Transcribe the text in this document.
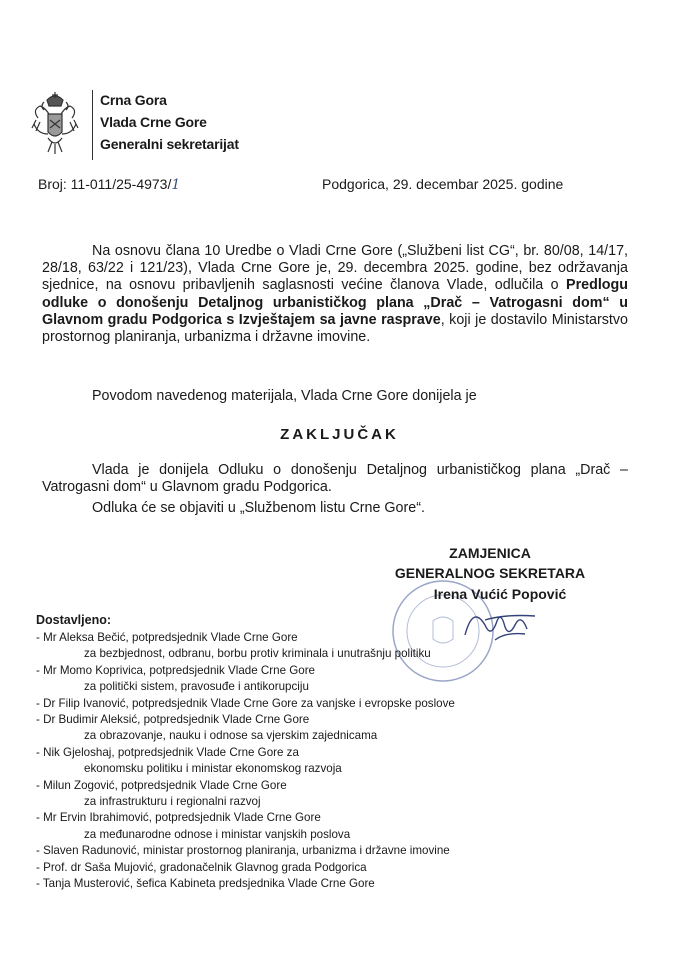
Crna Gora
Vlada Crne Gore
Generalni sekretarijat
Broj: 11-011/25-4973/1	Podgorica, 29. decembar 2025. godine
Na osnovu člana 10 Uredbe o Vladi Crne Gore („Službeni list CG“, br. 80/08, 14/17, 28/18, 63/22 i 121/23), Vlada Crne Gore je, 29. decembra 2025. godine, bez održavanja sjednice, na osnovu pribavljenih saglasnosti većine članova Vlade, odlučila o Predlogu odluke o donošenju Detaljnog urbanističkog plana „Drač – Vatrogasni dom“ u Glavnom gradu Podgorica s Izvještajem sa javne rasprave, koji je dostavilo Ministarstvo prostornog planiranja, urbanizma i državne imovine.
Povodom navedenog materijala, Vlada Crne Gore donijela je
ZAKLJUČAK
Vlada je donijela Odluku o donošenju Detaljnog urbanističkog plana „Drač – Vatrogasni dom“ u Glavnom gradu Podgorica.
Odluka će se objaviti u „Službenom listu Crne Gore“.
ZAMJENICA
GENERALNOG SEKRETARA
Irena Vućić Popović
Dostavljeno:
- Mr Aleksa Bečić, potpredsjednik Vlade Crne Gore
za bezbjednost, odbranu, borbu protiv kriminala i unutrašnju politiku
- Mr Momo Koprivica, potpredsjednik Vlade Crne Gore
za politički sistem, pravosuđe i antikorupciju
- Dr Filip Ivanović, potpredsjednik Vlade Crne Gore za vanjske i evropske poslove
- Dr Budimir Aleksić, potpredsjednik Vlade Crne Gore
za obrazovanje, nauku i odnose sa vjerskim zajednicama
- Nik Gjeloshaj, potpredsjednik Vlade Crne Gore za
ekonomsku politiku i ministar ekonomskog razvoja
- Milun Zogović, potpredsjednik Vlade Crne Gore
za infrastrukturu i regionalni razvoj
- Mr Ervin Ibrahimović, potpredsjednik Vlade Crne Gore
za međunarodne odnose i ministar vanjskih poslova
- Slaven Radunović, ministar prostornog planiranja, urbanizma i državne imovine
- Prof. dr Saša Mujović, gradonačelnik Glavnog grada Podgorica
- Tanja Musterović, šefica Kabineta predsjednika Vlade Crne Gore
